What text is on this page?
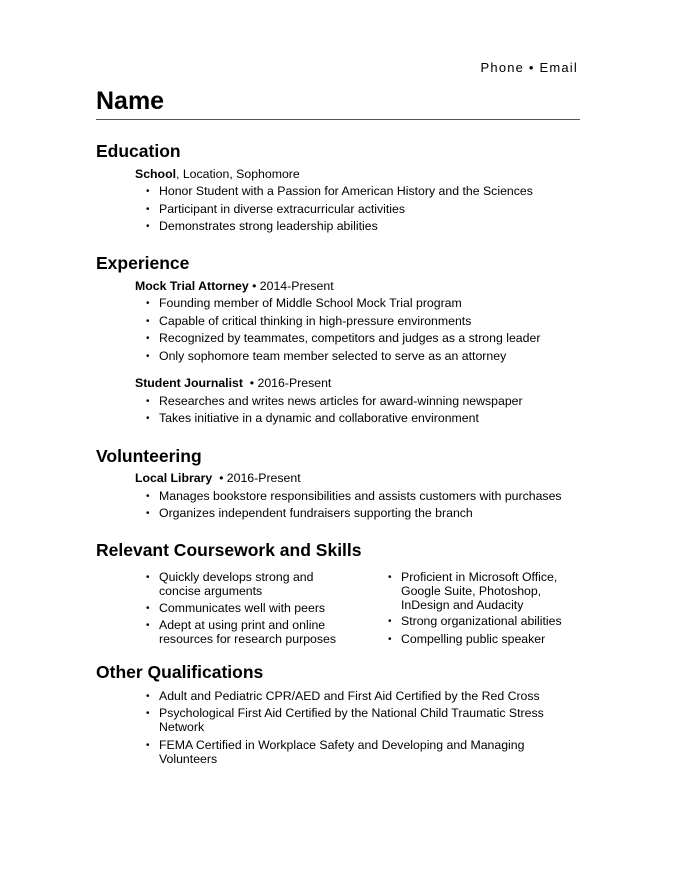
Phone • Email
Name
Education
School, Location, Sophomore
• Honor Student with a Passion for American History and the Sciences
• Participant in diverse extracurricular activities
• Demonstrates strong leadership abilities
Experience
Mock Trial Attorney • 2014-Present
• Founding member of Middle School Mock Trial program
• Capable of critical thinking in high-pressure environments
• Recognized by teammates, competitors and judges as a strong leader
• Only sophomore team member selected to serve as an attorney
Student Journalist  • 2016-Present
• Researches and writes news articles for award-winning newspaper
• Takes initiative in a dynamic and collaborative environment
Volunteering
Local Library  • 2016-Present
• Manages bookstore responsibilities and assists customers with purchases
• Organizes independent fundraisers supporting the branch
Relevant Coursework and Skills
• Quickly develops strong and concise arguments
• Communicates well with peers
• Adept at using print and online resources for research purposes
• Proficient in Microsoft Office, Google Suite, Photoshop, InDesign and Audacity
• Strong organizational abilities
• Compelling public speaker
Other Qualifications
• Adult and Pediatric CPR/AED and First Aid Certified by the Red Cross
• Psychological First Aid Certified by the National Child Traumatic Stress Network
• FEMA Certified in Workplace Safety and Developing and Managing Volunteers
